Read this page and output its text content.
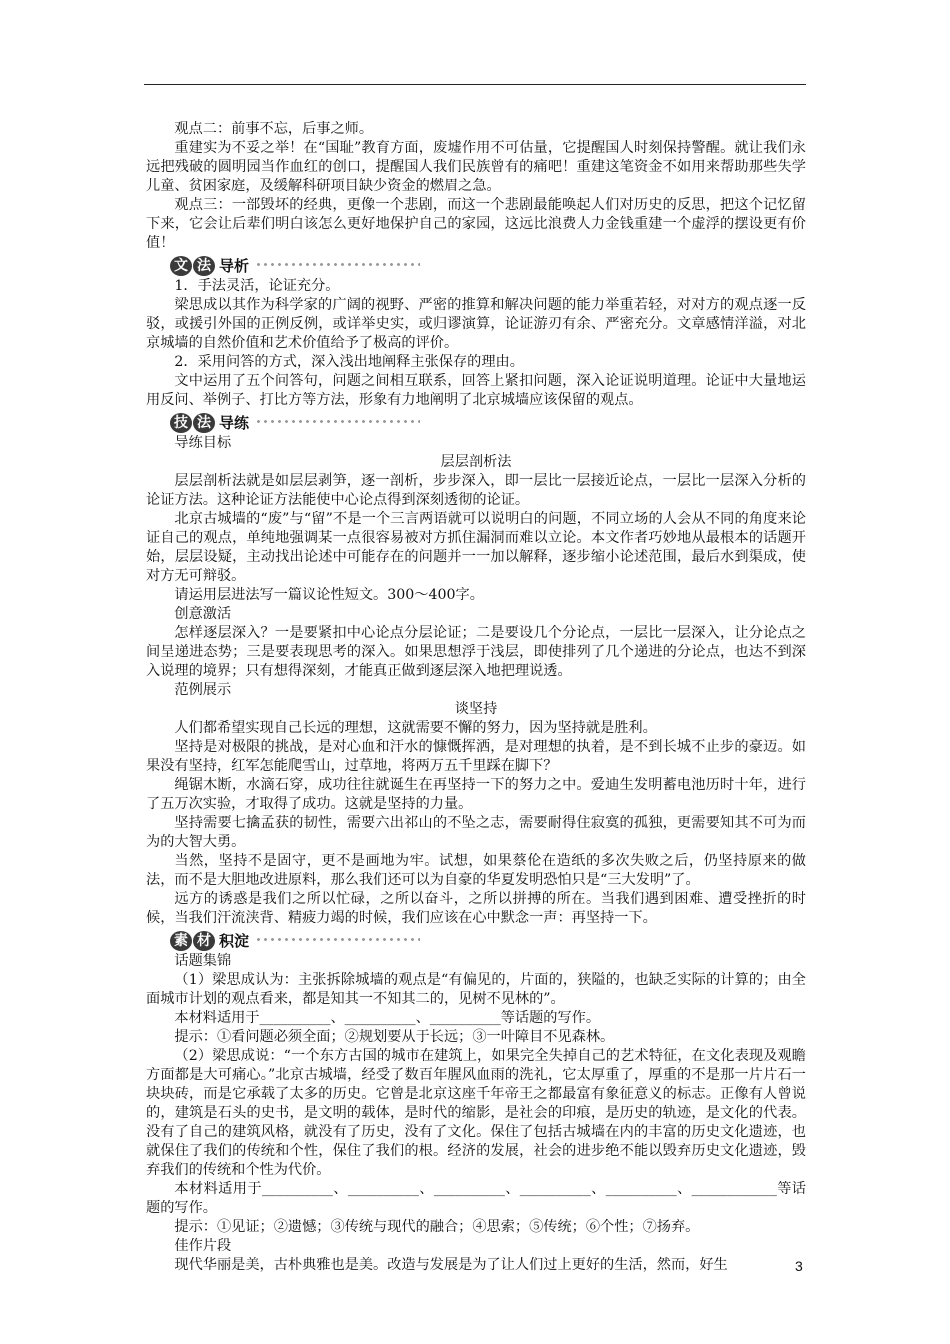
观点二：前事不忘，后事之师。

重建实为不妥之举！在“国耻”教育方面，废墟作用不可估量，它提醒国人时刻保持警醒。就让我们永远把残破的圆明园当作血红的创口，提醒国人我们民族曾有的痛吧！重建这笔资金不如用来帮助那些失学儿童、贫困家庭，及缓解科研项目缺少资金的燃眉之急。

观点三：一部毁坏的经典，更像一个悲剧，而这一个悲剧最能唤起人们对历史的反思，把这个记忆留下来，它会让后辈们明白该怎么更好地保护自己的家园，这远比浪费人力金钱重建一个虚浮的摆设更有价值！

文 法 导析

1．手法灵活，论证充分。

梁思成以其作为科学家的广阔的视野、严密的推算和解决问题的能力举重若轻，对对方的观点逐一反驳，或援引外国的正例反例，或详举史实，或归谬演算，论证游刃有余、严密充分。文章感情洋溢，对北京城墙的自然价值和艺术价值给予了极高的评价。

2．采用问答的方式，深入浅出地阐释主张保存的理由。

文中运用了五个问答句，问题之间相互联系，回答上紧扣问题，深入论证说明道理。论证中大量地运用反问、举例子、打比方等方法，形象有力地阐明了北京城墙应该保留的观点。

技 法 导练

导练目标

层层剖析法

层层剖析法就是如层层剥笋，逐一剖析，步步深入，即一层比一层接近论点，一层比一层深入分析的论证方法。这种论证方法能使中心论点得到深刻透彻的论证。

北京古城墙的“废”与“留”不是一个三言两语就可以说明白的问题，不同立场的人会从不同的角度来论证自己的观点，单纯地强调某一点很容易被对方抓住漏洞而难以立论。本文作者巧妙地从最根本的话题开始，层层设疑，主动找出论述中可能存在的问题并一一加以解释，逐步缩小论述范围，最后水到渠成，使对方无可辩驳。

请运用层进法写一篇议论性短文。300～400字。

创意激活

怎样逐层深入？一是要紧扣中心论点分层论证；二是要设几个分论点，一层比一层深入，让分论点之间呈递进态势；三是要表现思考的深入。如果思想浮于浅层，即使排列了几个递进的分论点，也达不到深入说理的境界；只有想得深刻，才能真正做到逐层深入地把理说透。

范例展示

谈坚持

人们都希望实现自己长远的理想，这就需要不懈的努力，因为坚持就是胜利。

坚持是对极限的挑战，是对心血和汗水的慷慨挥洒，是对理想的执着，是不到长城不止步的豪迈。如果没有坚持，红军怎能爬雪山，过草地，将两万五千里踩在脚下？

绳锯木断，水滴石穿，成功往往就诞生在再坚持一下的努力之中。爱迪生发明蓄电池历时十年，进行了五万次实验，才取得了成功。这就是坚持的力量。

坚持需要七擒孟获的韧性，需要六出祁山的不坠之志，需要耐得住寂寞的孤独，更需要知其不可为而为的大智大勇。

当然，坚持不是固守，更不是画地为牢。试想，如果蔡伦在造纸的多次失败之后，仍坚持原来的做法，而不是大胆地改进原料，那么我们还可以为自豪的华夏发明恐怕只是“三大发明”了。

远方的诱惑是我们之所以忙碌，之所以奋斗，之所以拼搏的所在。当我们遇到困难、遭受挫折的时候，当我们汗流浃背、精疲力竭的时候，我们应该在心中默念一声：再坚持一下。

素 材 积淀

话题集锦

（1）梁思成认为：主张拆除城墙的观点是“有偏见的，片面的，狭隘的，也缺乏实际的计算的；由全面城市计划的观点看来，都是知其一不知其二的，见树不见林的”。

本材料适用于__________、__________、__________等话题的写作。

提示：①看问题必须全面；②规划要从于长远；③一叶障目不见森林。

（2）梁思成说：“一个东方古国的城市在建筑上，如果完全失掉自己的艺术特征，在文化表现及观瞻方面都是大可痛心。”北京古城墙，经受了数百年腥风血雨的洗礼，它太厚重了，厚重的不是那一片片石一块块砖，而是它承载了太多的历史。它曾是北京这座千年帝王之都最富有象征意义的标志。正像有人曾说的，建筑是石头的史书，是文明的载体，是时代的缩影，是社会的印痕，是历史的轨迹，是文化的代表。没有了自己的建筑风格，就没有了历史，没有了文化。保住了包括古城墙在内的丰富的历史文化遗迹，也就保住了我们的传统和个性，保住了我们的根。经济的发展，社会的进步绝不能以毁弃历史文化遗迹，毁弃我们的传统和个性为代价。

本材料适用于__________、__________、__________、__________、__________、____________等话题的写作。

提示：①见证；②遗憾；③传统与现代的融合；④思索；⑤传统；⑥个性；⑦扬弃。

佳作片段

现代华丽是美，古朴典雅也是美。改造与发展是为了让人们过上更好的生活，然而，好生	3
